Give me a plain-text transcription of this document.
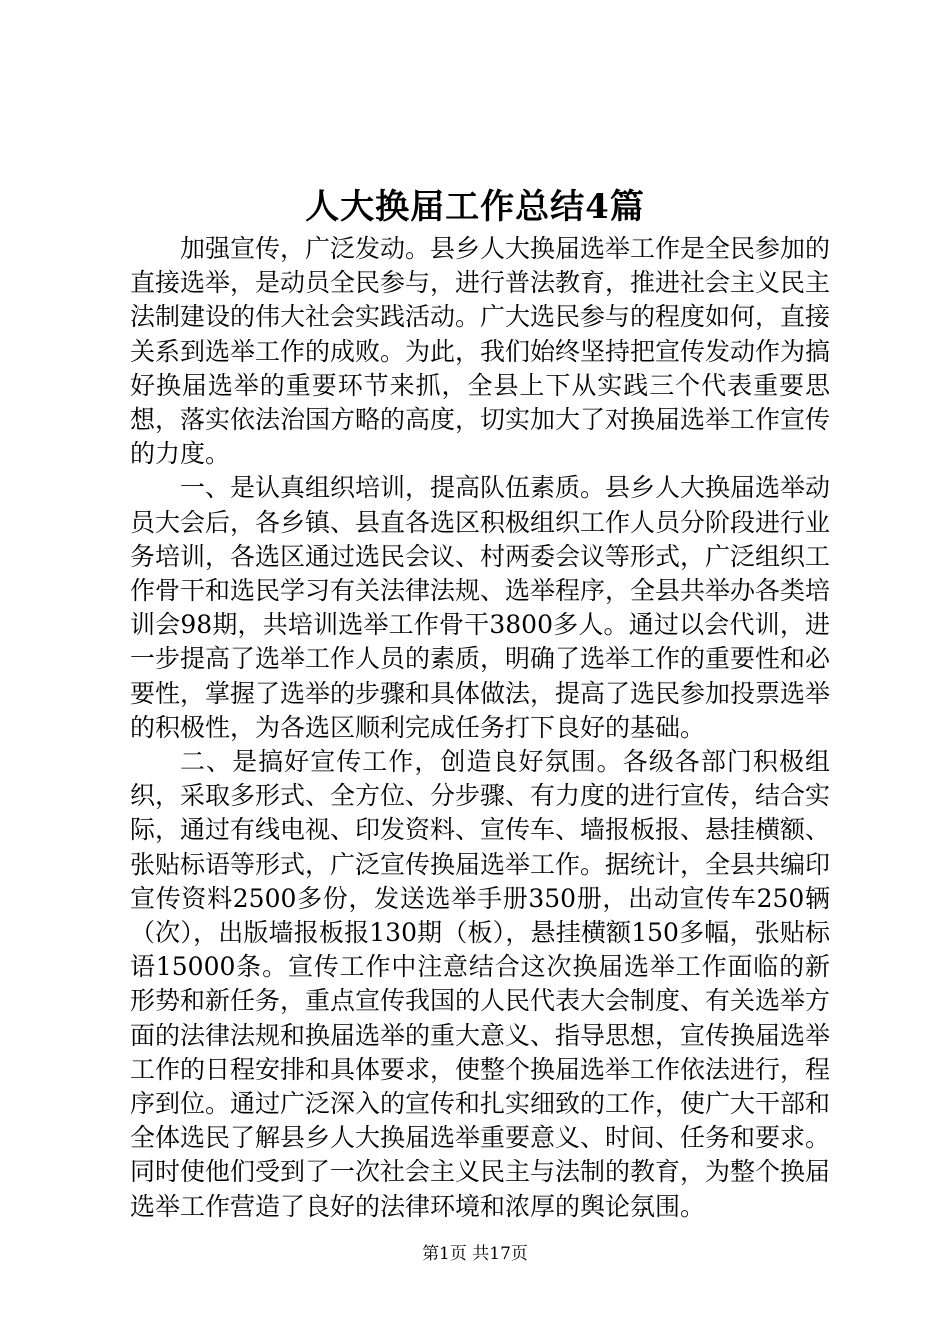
人大换届工作总结4篇

加强宣传，广泛发动。县乡人大换届选举工作是全民参加的直接选举，是动员全民参与，进行普法教育，推进社会主义民主法制建设的伟大社会实践活动。广大选民参与的程度如何，直接关系到选举工作的成败。为此，我们始终坚持把宣传发动作为搞好换届选举的重要环节来抓，全县上下从实践三个代表重要思想，落实依法治国方略的高度，切实加大了对换届选举工作宣传的力度。

一、是认真组织培训，提高队伍素质。县乡人大换届选举动员大会后，各乡镇、县直各选区积极组织工作人员分阶段进行业务培训，各选区通过选民会议、村两委会议等形式，广泛组织工作骨干和选民学习有关法律法规、选举程序，全县共举办各类培训会98期，共培训选举工作骨干3800多人。通过以会代训，进一步提高了选举工作人员的素质，明确了选举工作的重要性和必要性，掌握了选举的步骤和具体做法，提高了选民参加投票选举的积极性，为各选区顺利完成任务打下良好的基础。

二、是搞好宣传工作，创造良好氛围。各级各部门积极组织，采取多形式、全方位、分步骤、有力度的进行宣传，结合实际，通过有线电视、印发资料、宣传车、墙报板报、悬挂横额、张贴标语等形式，广泛宣传换届选举工作。据统计，全县共编印宣传资料2500多份，发送选举手册350册，出动宣传车250辆（次），出版墙报板报130期（板），悬挂横额150多幅，张贴标语15000条。宣传工作中注意结合这次换届选举工作面临的新形势和新任务，重点宣传我国的人民代表大会制度、有关选举方面的法律法规和换届选举的重大意义、指导思想，宣传换届选举工作的日程安排和具体要求，使整个换届选举工作依法进行，程序到位。通过广泛深入的宣传和扎实细致的工作，使广大干部和全体选民了解县乡人大换届选举重要意义、时间、任务和要求。同时使他们受到了一次社会主义民主与法制的教育，为整个换届选举工作营造了良好的法律环境和浓厚的舆论氛围。

第1页 共17页
